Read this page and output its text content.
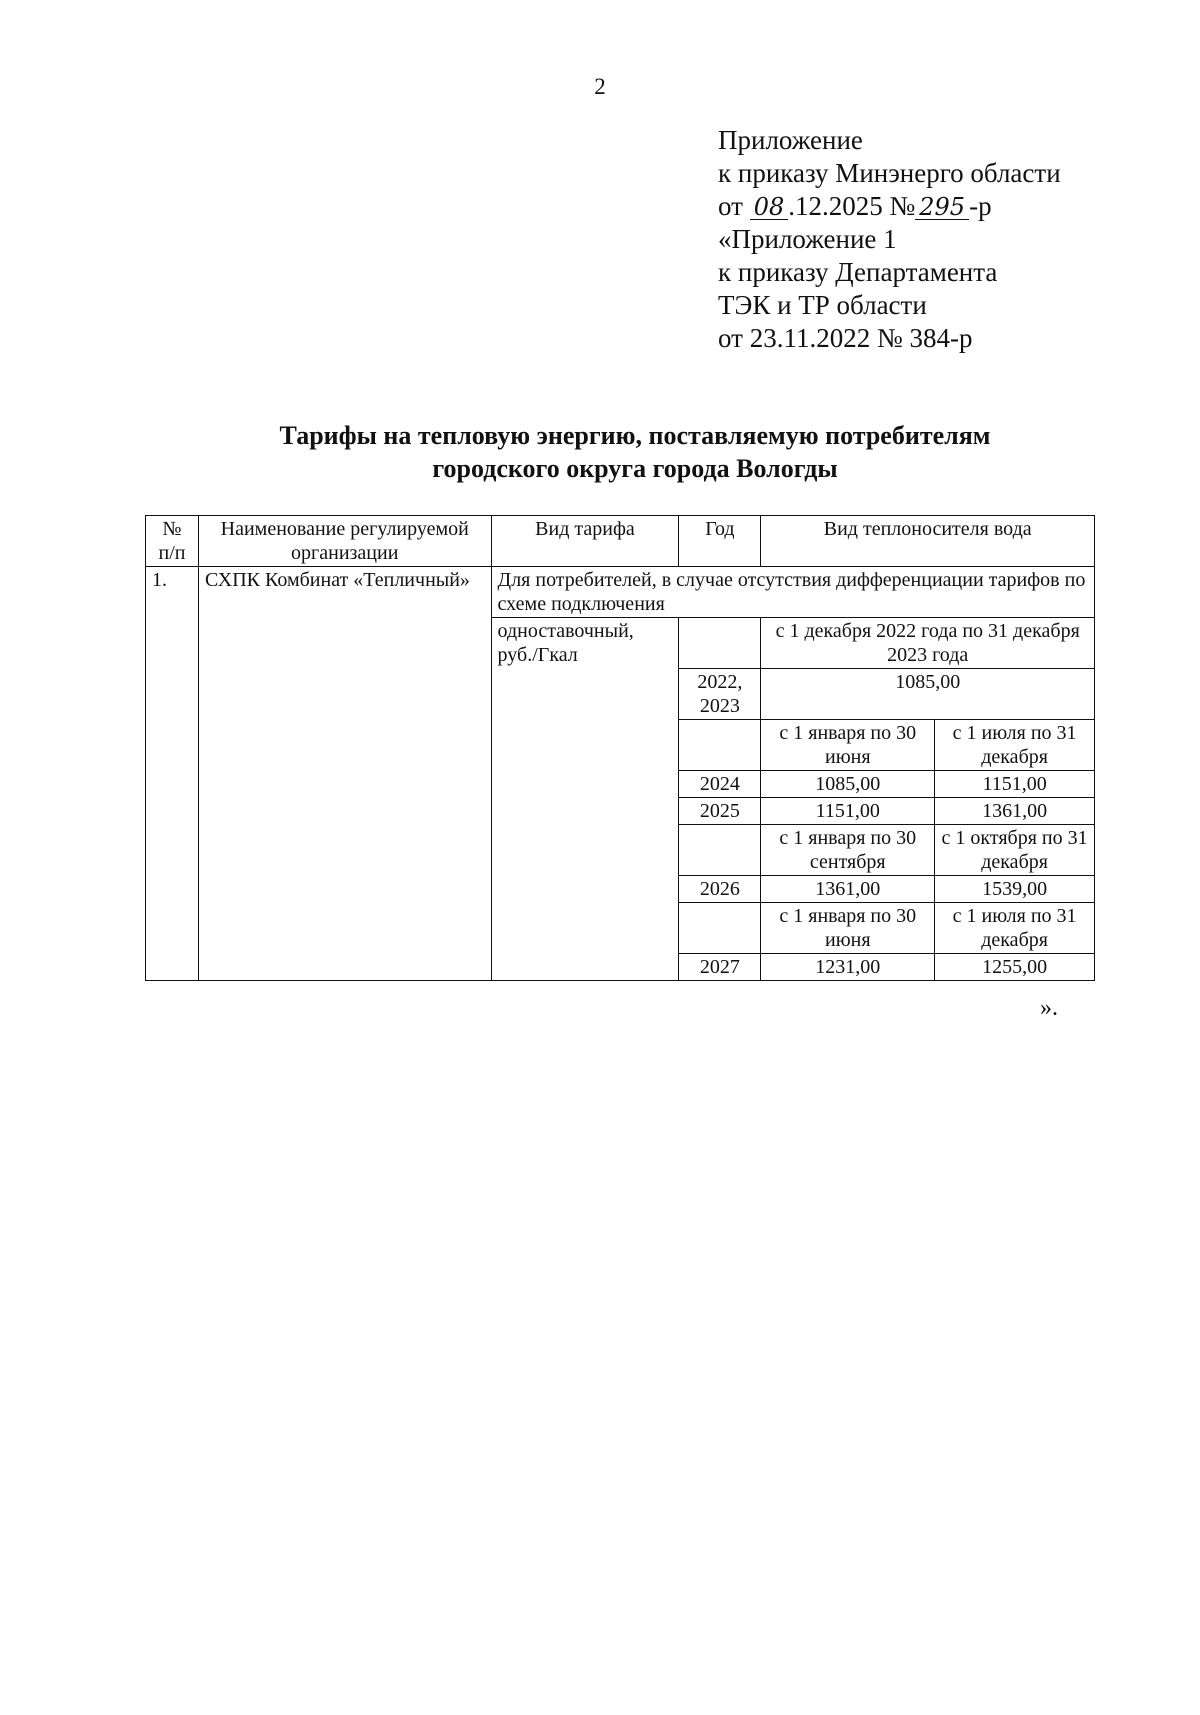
2
Приложение
к приказу Минэнерго области
от 08 .12.2025 № 295 -р
«Приложение 1
к приказу Департамента
ТЭК и ТР области
от 23.11.2022 № 384-р
Тарифы на тепловую энергию, поставляемую потребителям
городского округа города Вологды
№ п/п	Наименование регулируемой организации	Вид тарифа	Год	Вид теплоносителя вода	
1.	СХПК Комбинат «Тепличный»	Для потребителей, в случае отсутствия дифференциации тарифов по схеме подключения			
		одноставочный, руб./Гкал		с 1 декабря 2022 года по 31 декабря 2023 года	
			2022, 2023	1085,00	
				с 1 января по 30 июня	с 1 июля по 31 декабря
			2024	1085,00	1151,00
			2025	1151,00	1361,00
				с 1 января по 30 сентября	с 1 октября по 31 декабря
			2026	1361,00	1539,00
				с 1 января по 30 июня	с 1 июля по 31 декабря
			2027	1231,00	1255,00
».
